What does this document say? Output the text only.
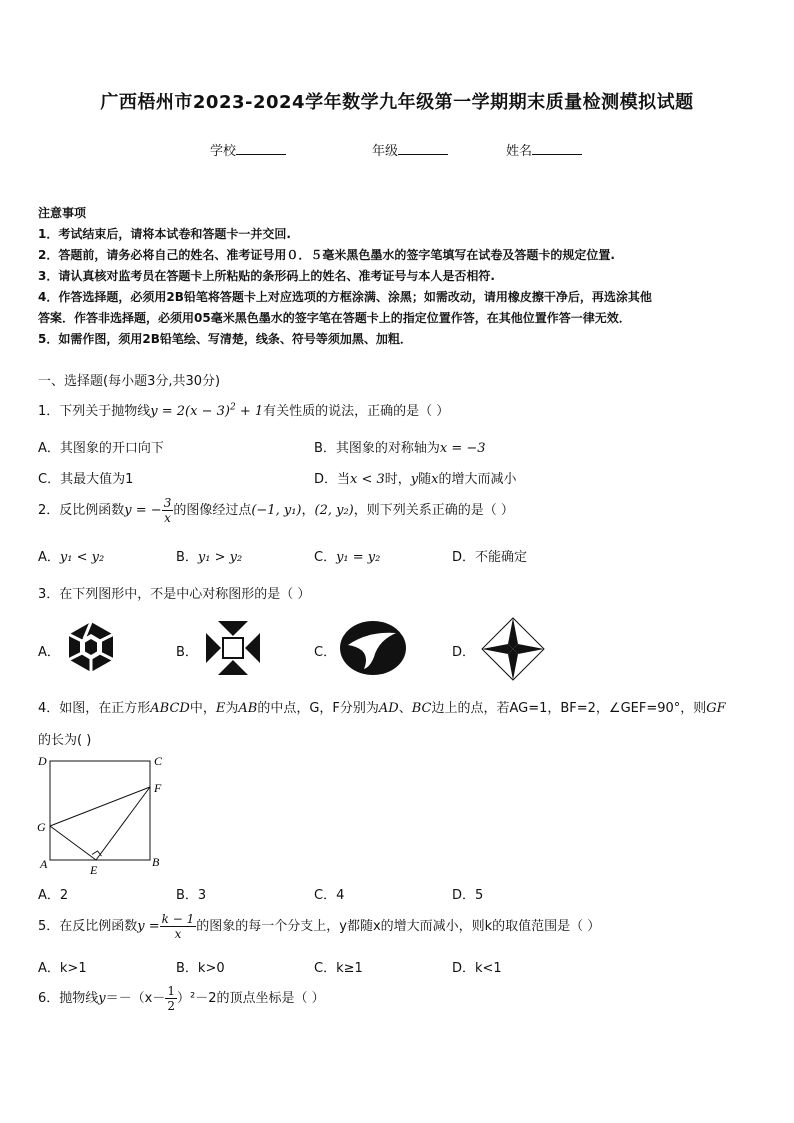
广西梧州市2023-2024学年数学九年级第一学期期末质量检测模拟试题
学校	年级	姓名
注意事项
1．考试结束后，请将本试卷和答题卡一并交回.
2．答题前，请务必将自己的姓名、准考证号用０．５毫米黑色墨水的签字笔填写在试卷及答题卡的规定位置.
3．请认真核对监考员在答题卡上所粘贴的条形码上的姓名、准考证号与本人是否相符.
4．作答选择题，必须用2B铅笔将答题卡上对应选项的方框涂满、涂黑；如需改动，请用橡皮擦干净后，再选涂其他
答案．作答非选择题，必须用05毫米黑色墨水的签字笔在答题卡上的指定位置作答，在其他位置作答一律无效．
5．如需作图，须用2B铅笔绘、写清楚，线条、符号等须加黑、加粗．
一、选择题(每小题3分,共30分)
1．下列关于抛物线$y = 2(x - 3)^2 + 1$有关性质的说法，正确的是（ ）
A．其图象的开口向下	B．其图象的对称轴为x = −3
C．其最大值为1	D．当x < 3时，y随x的增大而减小
2．反比例函数y = − $\frac{3}{x}$ 的图像经过点(−1, y₁)，(2, y₂)，则下列关系正确的是（ ）
A．y₁ < y₂	B．y₁ > y₂	C．y₁ = y₂	D．不能确定
3．在下列图形中，不是中心对称图形的是（ ）
A．	B．	C．	D．
4．如图，在正方形ABCD中，E为AB的中点，G，F分别为AD、BC边上的点，若AG=1，BF=2，∠GEF=90°，则GF
的长为( )
D	C
F
G
A	B
E
A．2	B．3	C．4	D．5
5．在反比例函数$y = \frac{k - 1}{x}$ 的图象的每一个分支上，y都随x的增大而减小，则k的取值范围是（ ）
A．k>1	B．k>0	C．k≥1	D．k<1
6．抛物线$y=-(x- \frac{1}{2} )^2-2$的顶点坐标是（ ）
